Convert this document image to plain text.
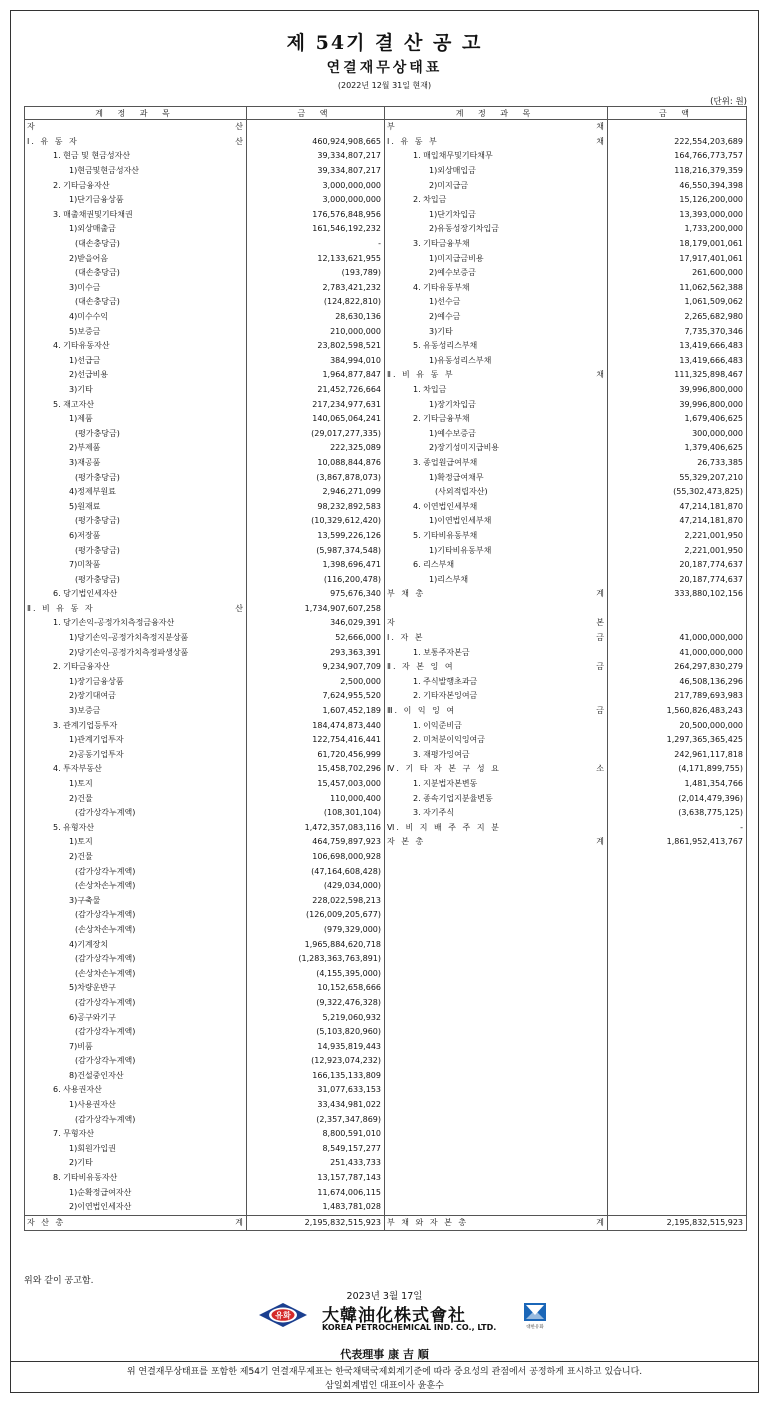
제 54기 결 산 공 고
연결재무상태표
(2022년 12월 31일 현재)
(단위: 원)
계 정 과 목	금 액	계 정 과 목	금 액

자 산		부 채	

Ⅰ. 유 동 자 산	460,924,908,665	Ⅰ. 유 동 부 채	222,554,203,689
1. 현금 및 현금성자산	39,334,807,217	1. 매입채무및기타채무	164,766,773,757
1)현금및현금성자산	39,334,807,217	1)외상매입금	118,216,379,359
2. 기타금융자산	3,000,000,000	2)미지급금	46,550,394,398
1)단기금융상품	3,000,000,000	2. 차입금	15,126,200,000
3. 매출채권및기타채권	176,576,848,956	1)단기차입금	13,393,000,000
1)외상매출금	161,546,192,232	2)유동성장기차입금	1,733,200,000
(대손충당금)	-	3. 기타금융부채	18,179,001,061
2)받을어음	12,133,621,955	1)미지급금비용	17,917,401,061
(대손충당금)	(193,789)	2)예수보증금	261,600,000
3)미수금	2,783,421,232	4. 기타유동부채	11,062,562,388
(대손충당금)	(124,822,810)	1)선수금	1,061,509,062
4)미수수익	28,630,136	2)예수금	2,265,682,980
5)보증금	210,000,000	3)기타	7,735,370,346
4. 기타유동자산	23,802,598,521	5. 유동성리스부채	13,419,666,483
1)선급금	384,994,010	1)유동성리스부채	13,419,666,483
2)선급비용	1,964,877,847	Ⅱ. 비 유 동 부 채	111,325,898,467
3)기타	21,452,726,664	1. 차입금	39,996,800,000
5. 재고자산	217,234,977,631	1)장기차입금	39,996,800,000
1)제품	140,065,064,241	2. 기타금융부채	1,679,406,625
(평가충당금)	(29,017,277,335)	1)예수보증금	300,000,000
2)부제품	222,325,089	2)장기성미지급비용	1,379,406,625
3)재공품	10,088,844,876	3. 종업원급여부채	26,733,385
(평가충당금)	(3,867,878,073)	1)확정급여채무	55,329,207,210
4)정제부원료	2,946,271,099	(사외적립자산)	(55,302,473,825)
5)원재료	98,232,892,583	4. 이연법인세부채	47,214,181,870
(평가충당금)	(10,329,612,420)	1)이연법인세부채	47,214,181,870
6)저장품	13,599,226,126	5. 기타비유동부채	2,221,001,950
(평가충당금)	(5,987,374,548)	1)기타비유동부채	2,221,001,950
7)미착품	1,398,696,471	6. 리스부채	20,187,774,637
(평가충당금)	(116,200,478)	1)리스부채	20,187,774,637
6. 당기법인세자산	975,676,340	부 채 총 계	333,880,102,156

Ⅱ. 비 유 동 자 산	1,734,907,607,258		
1. 당기손익-공정가치측정금융자산	346,029,391	자 본	

1)당기손익-공정가치측정지분상품	52,666,000	Ⅰ. 자 본 금	41,000,000,000
2)당기손익-공정가치측정파생상품	293,363,391	1. 보통주자본금	41,000,000,000
2. 기타금융자산	9,234,907,709	Ⅱ. 자 본 잉 여 금	264,297,830,279
1)장기금융상품	2,500,000	1. 주식발행초과금	46,508,136,296
2)장기대여금	7,624,955,520	2. 기타자본잉여금	217,789,693,983
3)보증금	1,607,452,189	Ⅲ. 이 익 잉 여 금	1,560,826,483,243
3. 관계기업등투자	184,474,873,440	1. 이익준비금	20,500,000,000
1)관계기업투자	122,754,416,441	2. 미처분이익잉여금	1,297,365,365,425
2)공동기업투자	61,720,456,999	3. 재평가잉여금	242,961,117,818
4. 투자부동산	15,458,702,296	Ⅳ. 기 타 자 본 구 성 요 소	(4,171,899,755)
1)토지	15,457,003,000	1. 지분법자본변동	1,481,354,766
2)건물	110,000,400	2. 종속기업지분율변동	(2,014,479,396)
(감가상각누계액)	(108,301,104)	3. 자기주식	(3,638,775,125)
5. 유형자산	1,472,357,083,116	Ⅵ. 비 지 배 주 주 지 분	-
1)토지	464,759,897,923	자 본 총 계	1,861,952,413,767
2)건물	106,698,000,928		
(감가상각누계액)	(47,164,608,428)		
(손상차손누계액)	(429,034,000)		
3)구축물	228,022,598,213		
(감가상각누계액)	(126,009,205,677)		
(손상차손누계액)	(979,329,000)		
4)기계장치	1,965,884,620,718		
(감가상각누계액)	(1,283,363,763,891)		
(손상차손누계액)	(4,155,395,000)		
5)차량운반구	10,152,658,666		
(감가상각누계액)	(9,322,476,328)		
6)공구와기구	5,219,060,932		
(감가상각누계액)	(5,103,820,960)		
7)비품	14,935,819,443		
(감가상각누계액)	(12,923,074,232)		
8)건설중인자산	166,135,133,809		
6. 사용권자산	31,077,633,153		
1)사용권자산	33,434,981,022		
(감가상각누계액)	(2,357,347,869)		
7. 무형자산	8,800,591,010		
1)회원가입권	8,549,157,277		
2)기타	251,433,733		
8. 기타비유동자산	13,157,787,143		
1)순확정급여자산	11,674,006,115		
2)이연법인세자산	1,483,781,028		

자 산 총 계	2,195,832,515,923	부 채 와 자 본 총 계	2,195,832,515,923
위와 같이 공고함.
2023년 3월 17일
유화 大韓油化株式會社
KOREA PETROCHEMICAL IND. CO., LTD.	대한유화
代表理事 康 吉 順
위 연결재무상태표를 포함한 제54기 연결재무제표는 한국채택국제회계기준에 따라 중요성의 관점에서 공정하게 표시하고 있습니다.
삼일회계법인 대표이사 윤훈수
